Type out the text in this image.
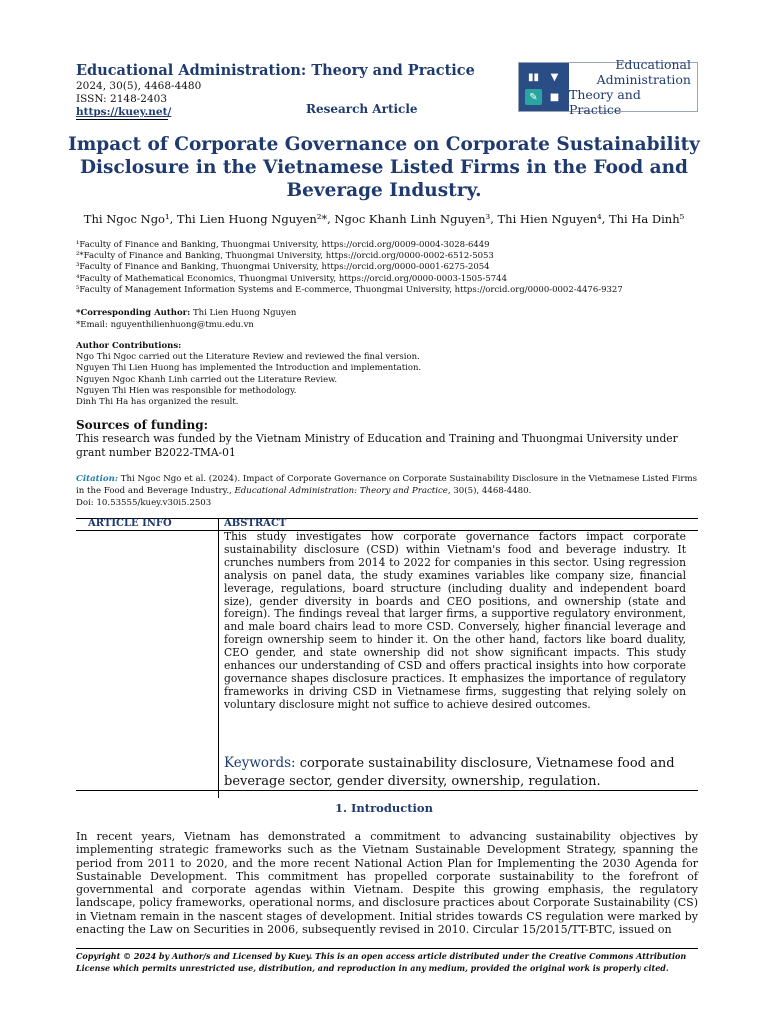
Educational Administration: Theory and Practice
2024, 30(5), 4468-4480
ISSN: 2148-2403
https://kuey.net/	Research Article
▮▮	▼
✎	■
Educational
Administration
Theory and Practice
Impact of Corporate Governance on Corporate Sustainability Disclosure in the Vietnamese Listed Firms in the Food and Beverage Industry.
Thi Ngoc Ngo¹, Thi Lien Huong Nguyen²*, Ngoc Khanh Linh Nguyen³, Thi Hien Nguyen⁴, Thi Ha Dinh⁵
¹Faculty of Finance and Banking, Thuongmai University, https://orcid.org/0009-0004-3028-6449
²*Faculty of Finance and Banking, Thuongmai University, https://orcid.org/0000-0002-6512-5053
³Faculty of Finance and Banking, Thuongmai University, https://orcid.org/0000-0001-6275-2054
⁴Faculty of Mathematical Economics, Thuongmai University, https://orcid.org/0000-0003-1505-5744
⁵Faculty of Management Information Systems and E-commerce, Thuongmai University, https://orcid.org/0000-0002-4476-9327
*Corresponding Author: Thi Lien Huong Nguyen
*Email: nguyenthilienhuong@tmu.edu.vn
Author Contributions:
Ngo Thi Ngoc carried out the Literature Review and reviewed the final version.
Nguyen Thi Lien Huong has implemented the Introduction and implementation.
Nguyen Ngoc Khanh Linh carried out the Literature Review.
Nguyen Thi Hien was responsible for methodology.
Dinh Thi Ha has organized the result.
Sources of funding:
This research was funded by the Vietnam Ministry of Education and Training and Thuongmai University under grant number B2022-TMA-01
Citation: Thi Ngoc Ngo et al. (2024). Impact of Corporate Governance on Corporate Sustainability Disclosure in the Vietnamese Listed Firms in the Food and Beverage Industry., Educational Administration: Theory and Practice, 30(5), 4468-4480.
Doi: 10.53555/kuey.v30i5.2503
ARTICLE INFO	ABSTRACT

This study investigates how corporate governance factors impact corporate sustainability disclosure (CSD) within Vietnam's food and beverage industry. It crunches numbers from 2014 to 2022 for companies in this sector. Using regression analysis on panel data, the study examines variables like company size, financial leverage, regulations, board structure (including duality and independent board size), gender diversity in boards and CEO positions, and ownership (state and foreign). The findings reveal that larger firms, a supportive regulatory environment, and male board chairs lead to more CSD. Conversely, higher financial leverage and foreign ownership seem to hinder it. On the other hand, factors like board duality, CEO gender, and state ownership did not show significant impacts. This study enhances our understanding of CSD and offers practical insights into how corporate governance shapes disclosure practices. It emphasizes the importance of regulatory frameworks in driving CSD in Vietnamese firms, suggesting that relying solely on voluntary disclosure might not suffice to achieve desired outcomes.

Keywords: corporate sustainability disclosure, Vietnamese food and beverage sector, gender diversity, ownership, regulation.
1. Introduction

In recent years, Vietnam has demonstrated a commitment to advancing sustainability objectives by implementing strategic frameworks such as the Vietnam Sustainable Development Strategy, spanning the period from 2011 to 2020, and the more recent National Action Plan for Implementing the 2030 Agenda for Sustainable Development. This commitment has propelled corporate sustainability to the forefront of governmental and corporate agendas within Vietnam. Despite this growing emphasis, the regulatory landscape, policy frameworks, operational norms, and disclosure practices about Corporate Sustainability (CS) in Vietnam remain in the nascent stages of development. Initial strides towards CS regulation were marked by enacting the Law on Securities in 2006, subsequently revised in 2010. Circular 15/2015/TT-BTC, issued on

Copyright © 2024 by Author/s and Licensed by Kuey. This is an open access article distributed under the Creative Commons Attribution License which permits unrestricted use, distribution, and reproduction in any medium, provided the original work is properly cited.
